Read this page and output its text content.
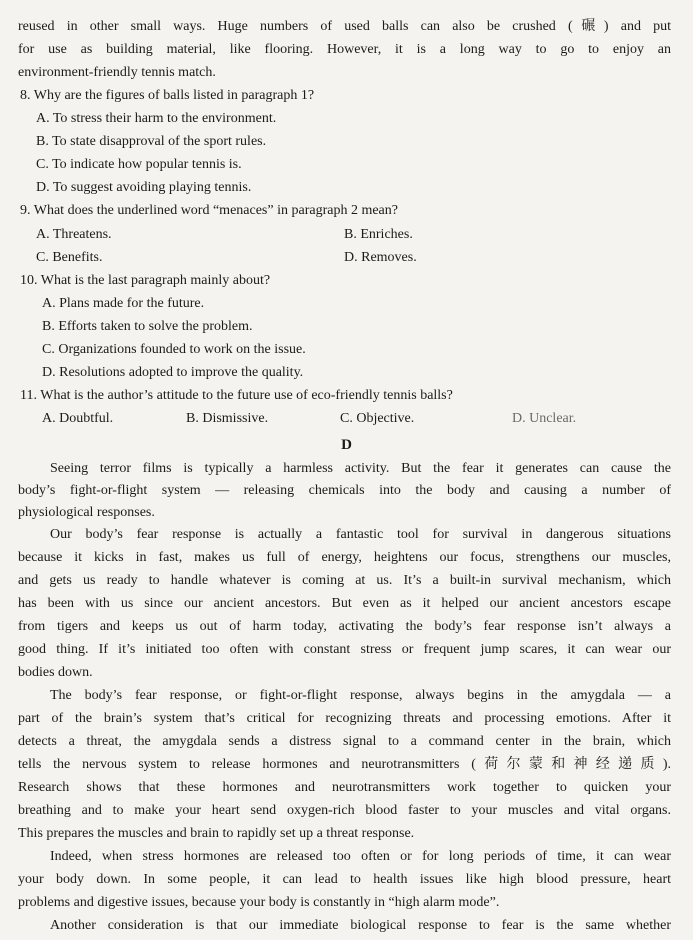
reused in other small ways. Huge numbers of used balls can also be crushed (碾) and put
for use as building material, like flooring. However, it is a long way to go to enjoy an
environment-friendly tennis match.
8. Why are the figures of balls listed in paragraph 1?
A. To stress their harm to the environment.
B. To state disapproval of the sport rules.
C. To indicate how popular tennis is.
D. To suggest avoiding playing tennis.
9. What does the underlined word “menaces” in paragraph 2 mean?
A. Threatens.	B. Enriches.
C. Benefits.	D. Removes.
10. What is the last paragraph mainly about?
A. Plans made for the future.
B. Efforts taken to solve the problem.
C. Organizations founded to work on the issue.
D. Resolutions adopted to improve the quality.
11. What is the author’s attitude to the future use of eco-friendly tennis balls?
A. Doubtful.	B. Dismissive.	C. Objective.	D. Unclear.
D
Seeing terror films is typically a harmless activity. But the fear it generates can cause the
body’s fight-or-flight system — releasing chemicals into the body and causing a number of
physiological responses.
Our body’s fear response is actually a fantastic tool for survival in dangerous situations
because it kicks in fast, makes us full of energy, heightens our focus, strengthens our muscles,
and gets us ready to handle whatever is coming at us. It’s a built-in survival mechanism, which
has been with us since our ancient ancestors. But even as it helped our ancient ancestors escape
from tigers and keeps us out of harm today, activating the body’s fear response isn’t always a
good thing. If it’s initiated too often with constant stress or frequent jump scares, it can wear our
bodies down.
The body’s fear response, or fight-or-flight response, always begins in the amygdala — a
part of the brain’s system that’s critical for recognizing threats and processing emotions. After it
detects a threat, the amygdala sends a distress signal to a command center in the brain, which
tells the nervous system to release hormones and neurotransmitters (荷尔蒙和神经递质).
Research shows that these hormones and neurotransmitters work together to quicken your
breathing and to make your heart send oxygen-rich blood faster to your muscles and vital organs.
This prepares the muscles and brain to rapidly set up a threat response.
Indeed, when stress hormones are released too often or for long periods of time, it can wear
your body down. In some people, it can lead to health issues like high blood pressure, heart
problems and digestive issues, because your body is constantly in “high alarm mode”.
Another consideration is that our immediate biological response to fear is the same whether
